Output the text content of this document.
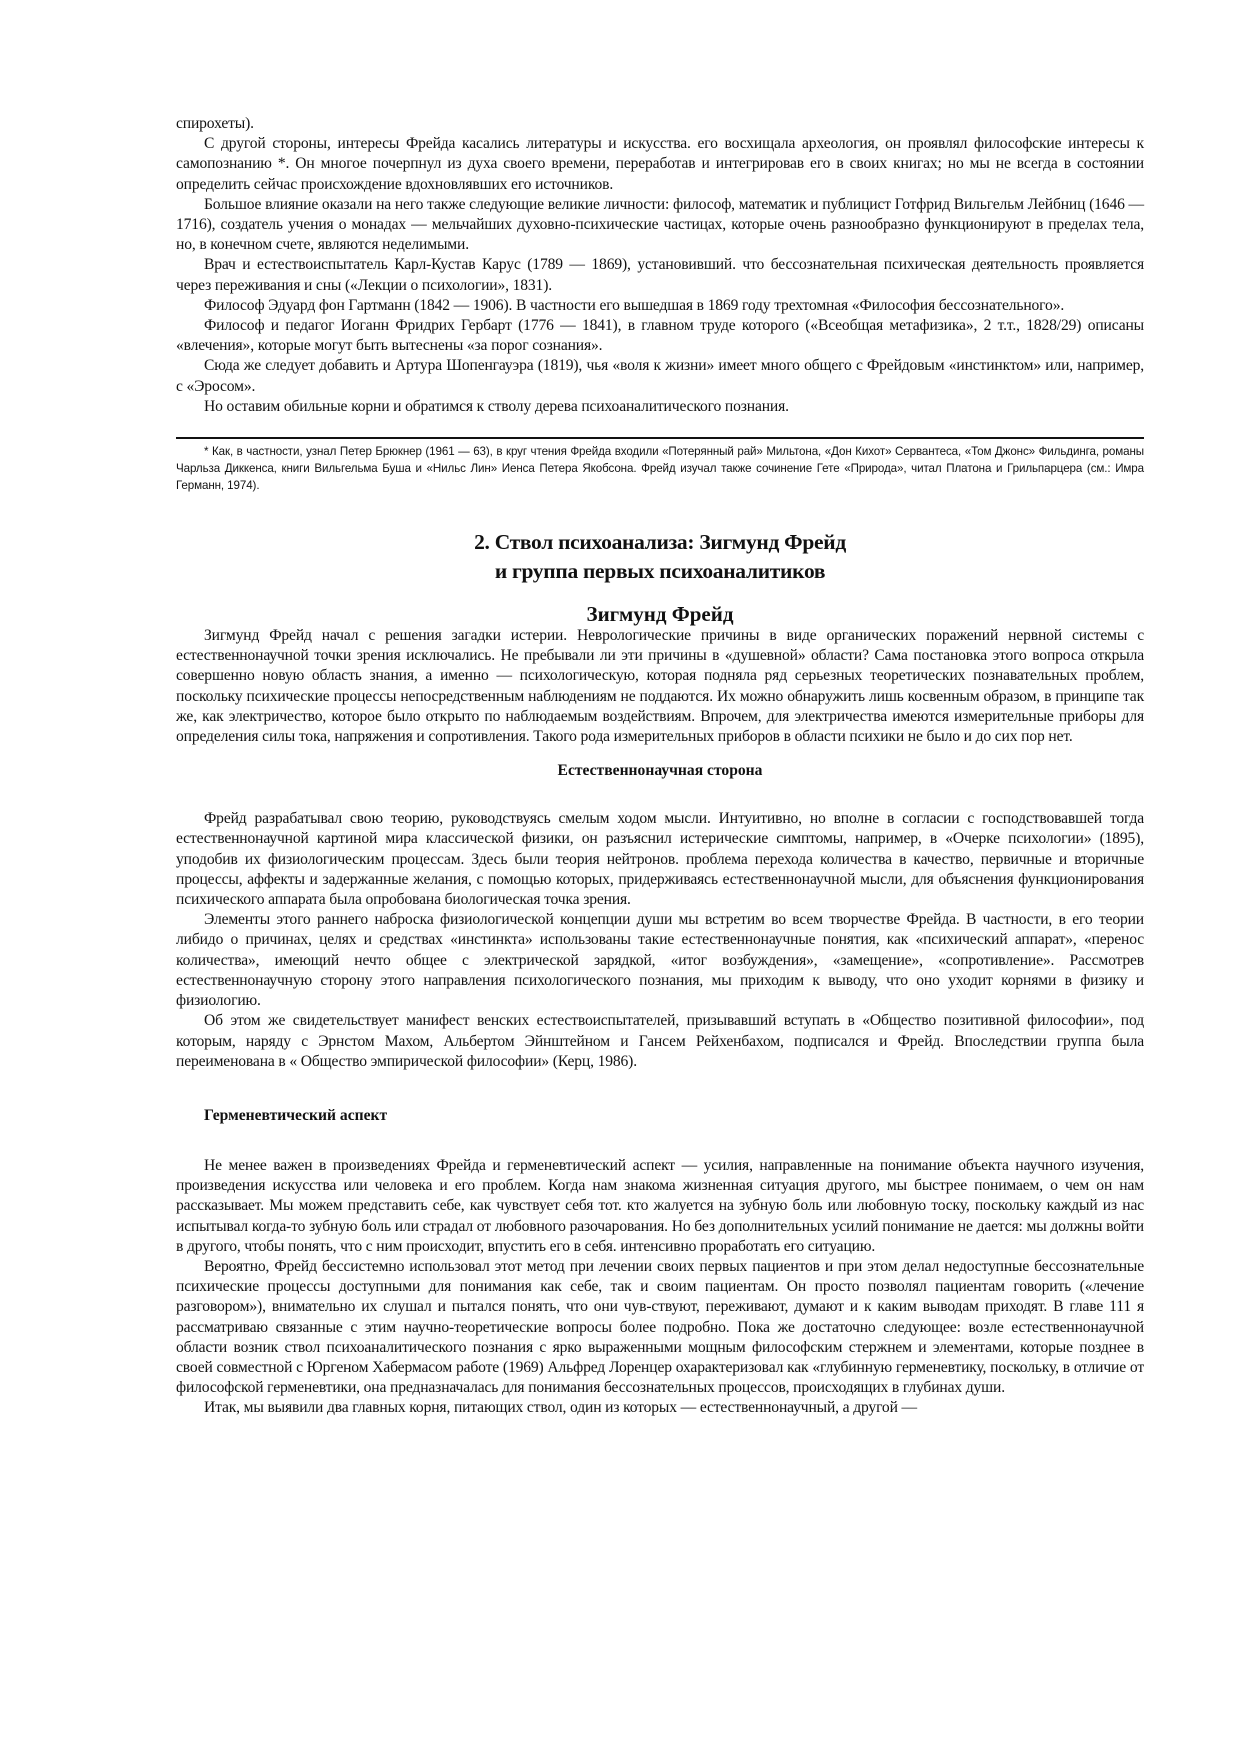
спирохеты).

С другой стороны, интересы Фрейда касались литературы и искусства. его восхищала археология, он проявлял философские интересы к самопознанию *. Он многое почерпнул из духа своего времени, переработав и интегрировав его в своих книгах; но мы не всегда в состоянии определить сейчас происхождение вдохновлявших его источников.

Большое влияние оказали на него также следующие великие личности: философ, математик и публицист Готфрид Вильгельм Лейбниц (1646 — 1716), создатель учения о монадах — мельчайших духовно-психические частицах, которые очень разнообразно функционируют в пределах тела, но, в конечном счете, являются неделимыми.

Врач и естествоиспытатель Карл-Кустав Карус (1789 — 1869), установивший. что бессознательная психическая деятельность проявляется через переживания и сны («Лекции о психологии», 1831).

Философ Эдуард фон Гартманн (1842 — 1906). В частности его вышедшая в 1869 году трехтомная «Философия бессознательного».

Философ и педагог Иоганн Фридрих Гербарт (1776 — 1841), в главном труде которого («Всеобщая метафизика», 2 т.т., 1828/29) описаны «влечения», которые могут быть вытеснены «за порог сознания».

Сюда же следует добавить и Артура Шопенгауэра (1819), чья «воля к жизни» имеет много общего с Фрейдовым «инстинктом» или, например, с «Эросом».

Но оставим обильные корни и обратимся к стволу дерева психоаналитического познания.

* Как, в частности, узнал Петер Брюкнер (1961 — 63), в круг чтения Фрейда входили «Потерянный рай» Мильтона, «Дон Кихот» Сервантеса, «Том Джонс» Фильдинга, романы Чарльза Диккенса, книги Вильгельма Буша и «Нильс Лин» Иенса Петера Якобсона. Фрейд изучал также сочинение Гете «Природа», читал Платона и Грильпарцера (см.: Имра Германн, 1974).

2. Ствол психоанализа: Зигмунд Фрейд
и группа первых психоаналитиков
Зигмунд Фрейд

Зигмунд Фрейд начал с решения загадки истерии. Неврологические причины в виде органических поражений нервной системы с естественнонаучной точки зрения исключались. Не пребывали ли эти причины в «душевной» области? Сама постановка этого вопроса открыла совершенно новую область знания, а именно — психологическую, которая подняла ряд серьезных теоретических познавательных проблем, поскольку психические процессы непосредственным наблюдениям не поддаются. Их можно обнаружить лишь косвенным образом, в принципе так же, как электричество, которое было открыто по наблюдаемым воздействиям. Впрочем, для электричества имеются измерительные приборы для определения силы тока, напряжения и сопротивления. Такого рода измерительных приборов в области психики не было и до сих пор нет.

Естественнонаучная сторона

Фрейд разрабатывал свою теорию, руководствуясь смелым ходом мысли. Интуитивно, но вполне в согласии с господствовавшей тогда естественнонаучной картиной мира классической физики, он разъяснил истерические симптомы, например, в «Очерке психологии» (1895), уподобив их физиологическим процессам. Здесь были теория нейтронов. проблема перехода количества в качество, первичные и вторичные процессы, аффекты и задержанные желания, с помощью которых, придерживаясь естественнонаучной мысли, для объяснения функционирования психического аппарата была опробована биологическая точка зрения.

Элементы этого раннего наброска физиологической концепции души мы встретим во всем творчестве Фрейда. В частности, в его теории либидо о причинах, целях и средствах «инстинкта» использованы такие естественнонаучные понятия, как «психический аппарат», «перенос количества», имеющий нечто общее с электрической зарядкой, «итог возбуждения», «замещение», «сопротивление». Рассмотрев естественнонаучную сторону этого направления психологического познания, мы приходим к выводу, что оно уходит корнями в физику и физиологию.

Об этом же свидетельствует манифест венских естествоиспытателей, призывавший вступать в «Общество позитивной философии», под которым, наряду с Эрнстом Махом, Альбертом Эйнштейном и Гансем Рейхенбахом, подписался и Фрейд. Впоследствии группа была переименована в « Общество эмпирической философии» (Керц, 1986).

Герменевтический аспект

Не менее важен в произведениях Фрейда и герменевтический аспект — усилия, направленные на понимание объекта научного изучения, произведения искусства или человека и его проблем. Когда нам знакома жизненная ситуация другого, мы быстрее понимаем, о чем он нам рассказывает. Мы можем представить себе, как чувствует себя тот. кто жалуется на зубную боль или любовную тоску, поскольку каждый из нас испытывал когда-то зубную боль или страдал от любовного разочарования. Но без дополнительных усилий понимание не дается: мы должны войти в другого, чтобы понять, что с ним происходит, впустить его в себя. интенсивно проработать его ситуацию.

Вероятно, Фрейд бессистемно использовал этот метод при лечении своих первых пациентов и при этом делал недоступные бессознательные психические процессы доступными для понимания как себе, так и своим пациентам. Он просто позволял пациентам говорить («лечение разговором»), внимательно их слушал и пытался понять, что они чув-ствуют, переживают, думают и к каким выводам приходят. В главе 111 я рассматриваю связанные с этим научно-теоретические вопросы более подробно. Пока же достаточно следующее: возле естественнонаучной области возник ствол психоаналитического познания с ярко выраженными мощным философским стержнем и элементами, которые позднее в своей совместной с Юргеном Хабермасом работе (1969) Альфред Лоренцер охарактеризовал как «глубинную герменевтику, поскольку, в отличие от философской герменевтики, она предназначалась для понимания бессознательных процессов, происходящих в глубинах души.

Итак, мы выявили два главных корня, питающих ствол, один из которых — естественнонаучный, а другой —
